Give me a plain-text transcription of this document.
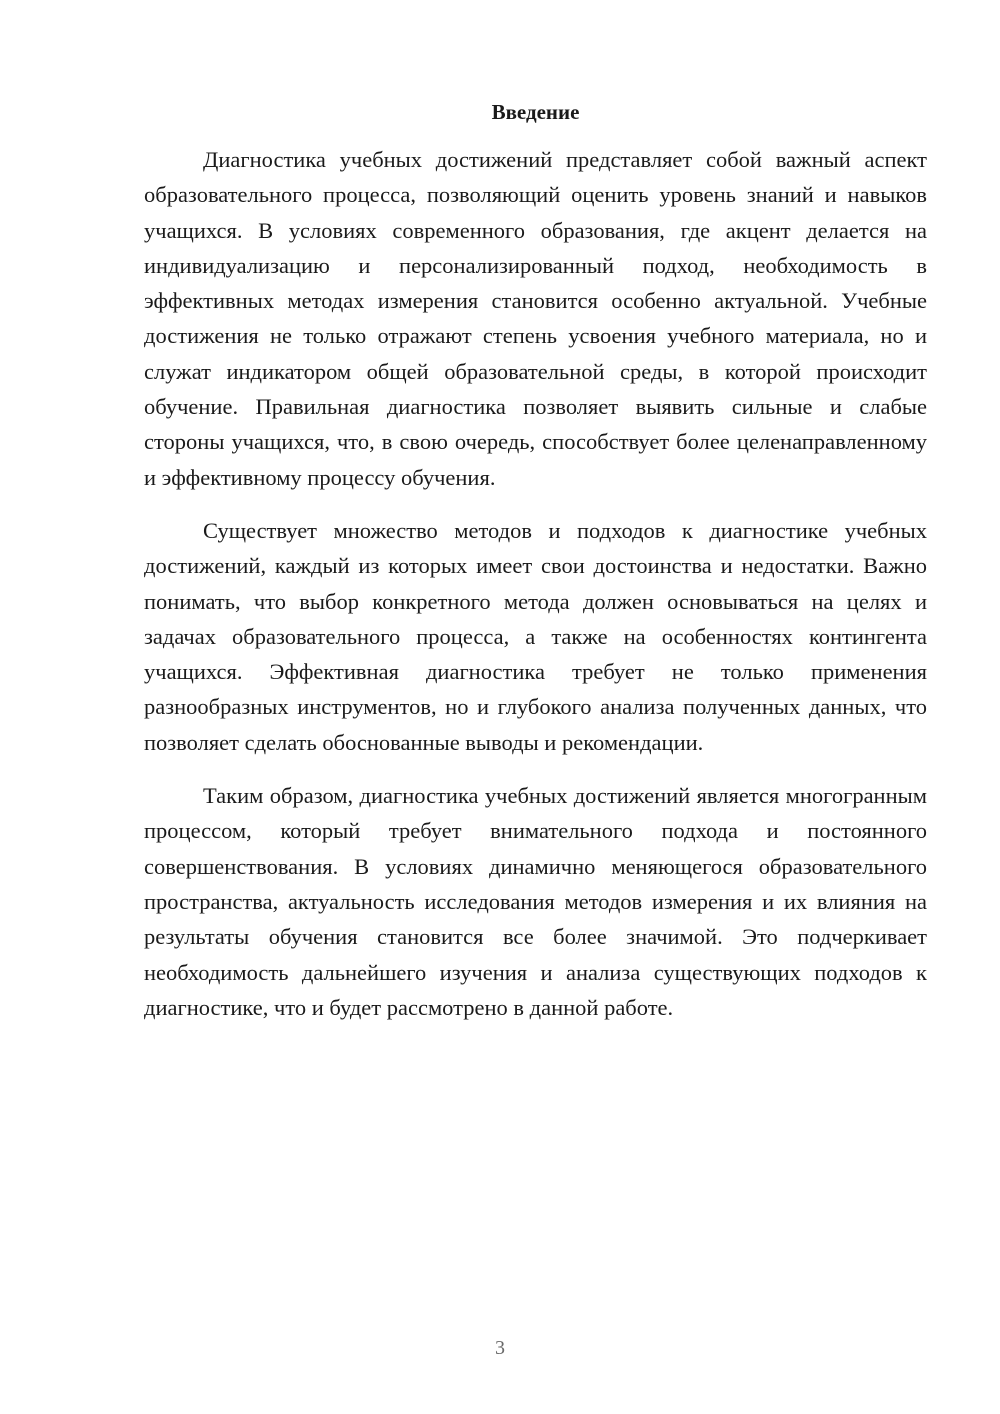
Введение

Диагностика учебных достижений представляет собой важный аспект образовательного процесса, позволяющий оценить уровень знаний и навыков учащихся. В условиях современного образования, где акцент делается на индивидуализацию и персонализированный подход, необходимость в эффективных методах измерения становится особенно актуальной. Учебные достижения не только отражают степень усвоения учебного материала, но и служат индикатором общей образовательной среды, в которой происходит обучение. Правильная диагностика позволяет выявить сильные и слабые стороны учащихся, что, в свою очередь, способствует более целенаправленному и эффективному процессу обучения.

Существует множество методов и подходов к диагностике учебных достижений, каждый из которых имеет свои достоинства и недостатки. Важно понимать, что выбор конкретного метода должен основываться на целях и задачах образовательного процесса, а также на особенностях контингента учащихся. Эффективная диагностика требует не только применения разнообразных инструментов, но и глубокого анализа полученных данных, что позволяет сделать обоснованные выводы и рекомендации.

Таким образом, диагностика учебных достижений является многогранным процессом, который требует внимательного подхода и постоянного совершенствования. В условиях динамично меняющегося образовательного пространства, актуальность исследования методов измерения и их влияния на результаты обучения становится все более значимой. Это подчеркивает необходимость дальнейшего изучения и анализа существующих подходов к диагностике, что и будет рассмотрено в данной работе.

3
